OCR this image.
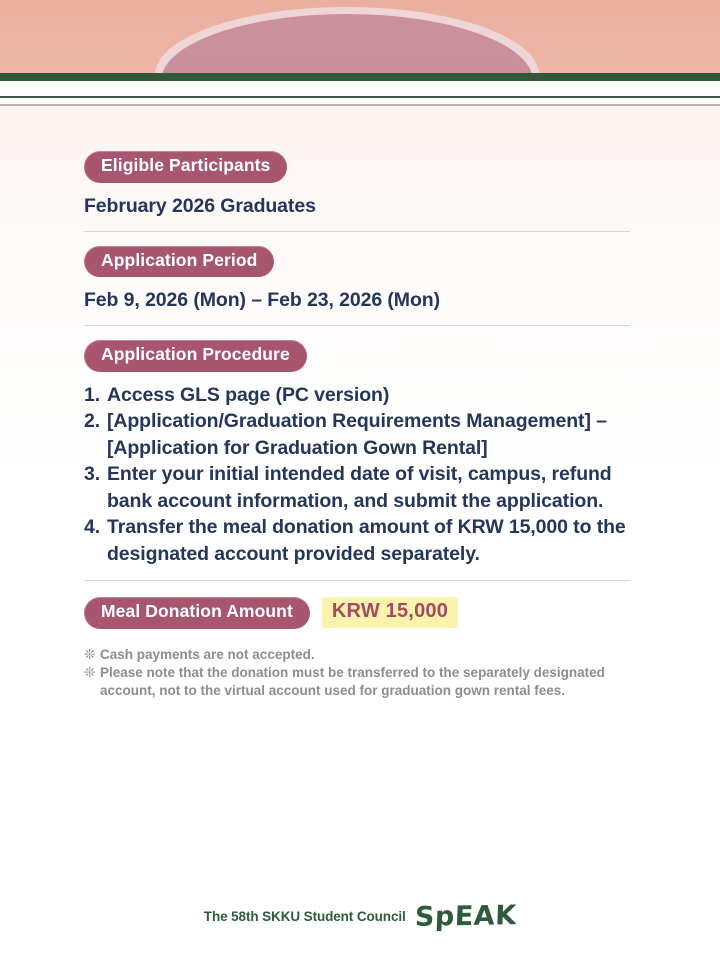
Eligible Participants
February 2026 Graduates
Application Period
Feb 9, 2026 (Mon) – Feb 23, 2026 (Mon)
Application Procedure
1. Access GLS page (PC version)
2. [Application/Graduation Requirements Management] – [Application for Graduation Gown Rental]
3. Enter your initial intended date of visit, campus, refund bank account information, and submit the application.
4. Transfer the meal donation amount of KRW 15,000 to the designated account provided separately.
Meal Donation Amount	KRW 15,000
❊ Cash payments are not accepted.
❊ Please note that the donation must be transferred to the separately designated account, not to the virtual account used for graduation gown rental fees.
The 58th SKKU Student Council SpEAK
